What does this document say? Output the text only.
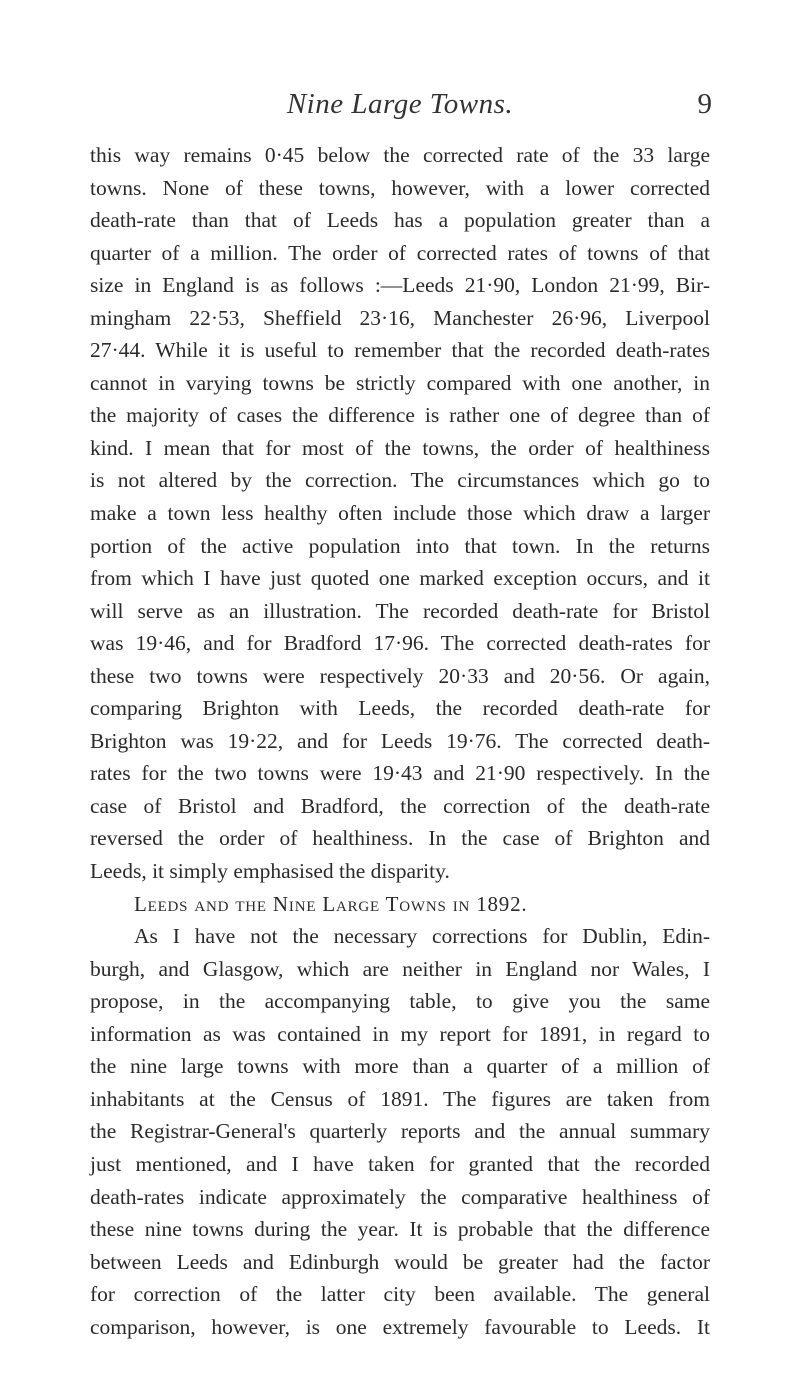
Nine Large Towns.	9
this way remains 0·45 below the corrected rate of the 33 large
towns. None of these towns, however, with a lower corrected
death-rate than that of Leeds has a population greater than a
quarter of a million. The order of corrected rates of towns of that
size in England is as follows :—Leeds 21·90, London 21·99, Bir-
mingham 22·53, Sheffield 23·16, Manchester 26·96, Liverpool
27·44. While it is useful to remember that the recorded death-rates
cannot in varying towns be strictly compared with one another, in
the majority of cases the difference is rather one of degree than of
kind. I mean that for most of the towns, the order of healthiness
is not altered by the correction. The circumstances which go to
make a town less healthy often include those which draw a larger
portion of the active population into that town. In the returns
from which I have just quoted one marked exception occurs, and it
will serve as an illustration. The recorded death-rate for Bristol
was 19·46, and for Bradford 17·96. The corrected death-rates for
these two towns were respectively 20·33 and 20·56. Or again,
comparing Brighton with Leeds, the recorded death-rate for
Brighton was 19·22, and for Leeds 19·76. The corrected death-
rates for the two towns were 19·43 and 21·90 respectively. In the
case of Bristol and Bradford, the correction of the death-rate
reversed the order of healthiness. In the case of Brighton and
Leeds, it simply emphasised the disparity.
Leeds and the Nine Large Towns in 1892.
As I have not the necessary corrections for Dublin, Edin-
burgh, and Glasgow, which are neither in England nor Wales, I
propose, in the accompanying table, to give you the same
information as was contained in my report for 1891, in regard to
the nine large towns with more than a quarter of a million of
inhabitants at the Census of 1891. The figures are taken from
the Registrar-General's quarterly reports and the annual summary
just mentioned, and I have taken for granted that the recorded
death-rates indicate approximately the comparative healthiness of
these nine towns during the year. It is probable that the difference
between Leeds and Edinburgh would be greater had the factor
for correction of the latter city been available. The general
comparison, however, is one extremely favourable to Leeds. It
